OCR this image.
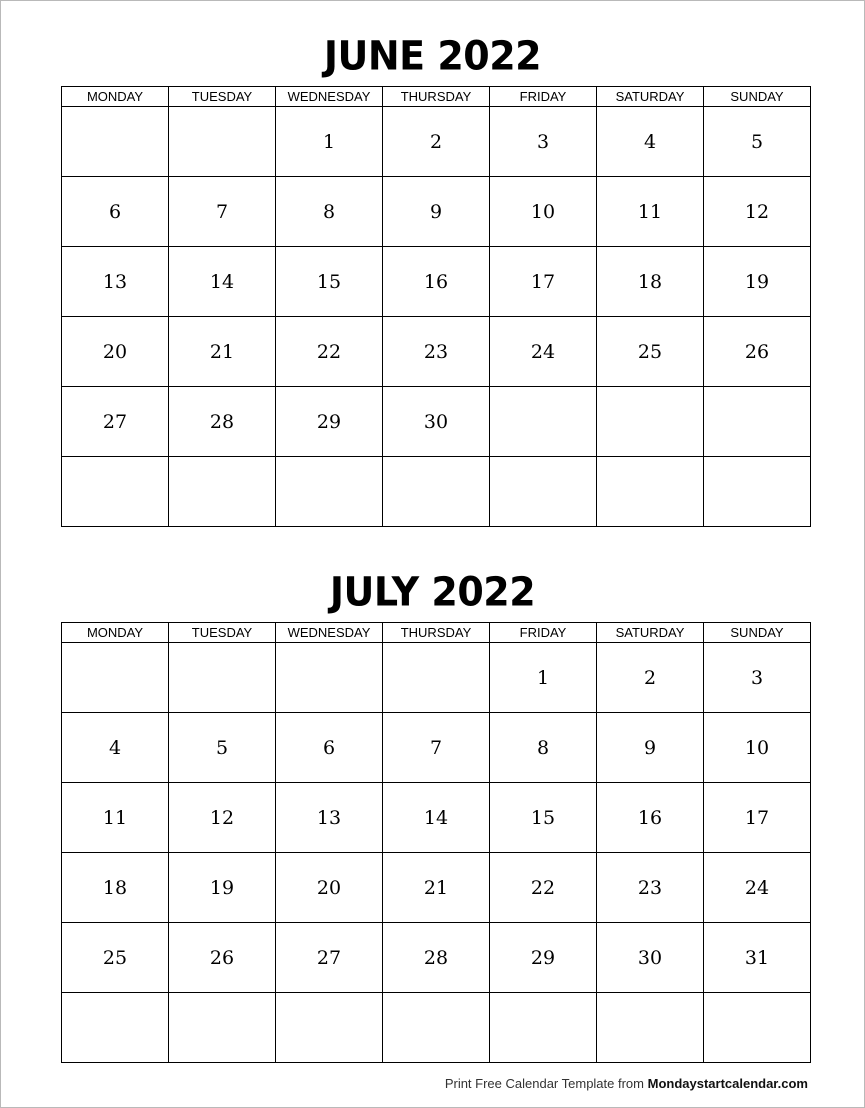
JUNE 2022
MONDAY	TUESDAY	WEDNESDAY	THURSDAY	FRIDAY	SATURDAY	SUNDAY
		1	2	3	4	5
6	7	8	9	10	11	12
13	14	15	16	17	18	19
20	21	22	23	24	25	26
27	28	29	30			

JULY 2022
MONDAY	TUESDAY	WEDNESDAY	THURSDAY	FRIDAY	SATURDAY	SUNDAY
				1	2	3
4	5	6	7	8	9	10
11	12	13	14	15	16	17
18	19	20	21	22	23	24
25	26	27	28	29	30	31

Print Free Calendar Template from Mondaystartcalendar.com
